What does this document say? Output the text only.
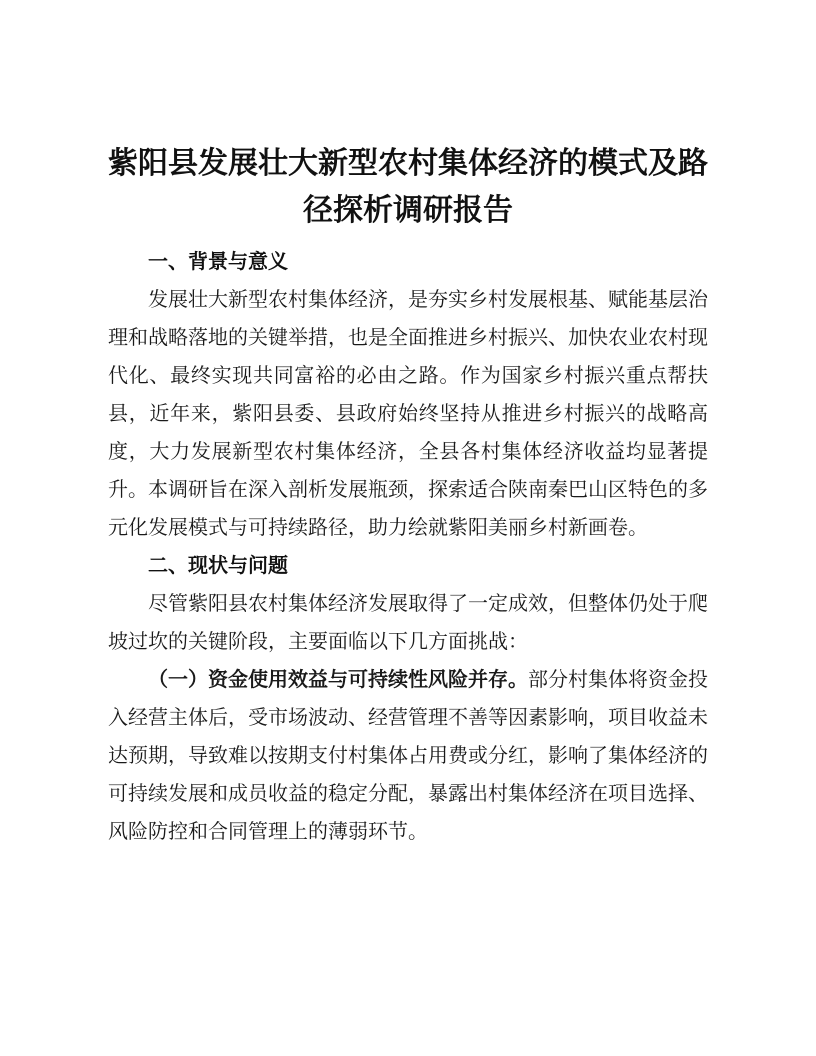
紫阳县发展壮大新型农村集体经济的模式及路径探析调研报告
一、背景与意义

发展壮大新型农村集体经济，是夯实乡村发展根基、赋能基层治理和战略落地的关键举措，也是全面推进乡村振兴、加快农业农村现代化、最终实现共同富裕的必由之路。作为国家乡村振兴重点帮扶县，近年来，紫阳县委、县政府始终坚持从推进乡村振兴的战略高度，大力发展新型农村集体经济，全县各村集体经济收益均显著提升。本调研旨在深入剖析发展瓶颈，探索适合陕南秦巴山区特色的多元化发展模式与可持续路径，助力绘就紫阳美丽乡村新画卷。

二、现状与问题

尽管紫阳县农村集体经济发展取得了一定成效，但整体仍处于爬坡过坎的关键阶段，主要面临以下几方面挑战：

（一）资金使用效益与可持续性风险并存。部分村集体将资金投入经营主体后，受市场波动、经营管理不善等因素影响，项目收益未达预期，导致难以按期支付村集体占用费或分红，影响了集体经济的可持续发展和成员收益的稳定分配，暴露出村集体经济在项目选择、风险防控和合同管理上的薄弱环节。
